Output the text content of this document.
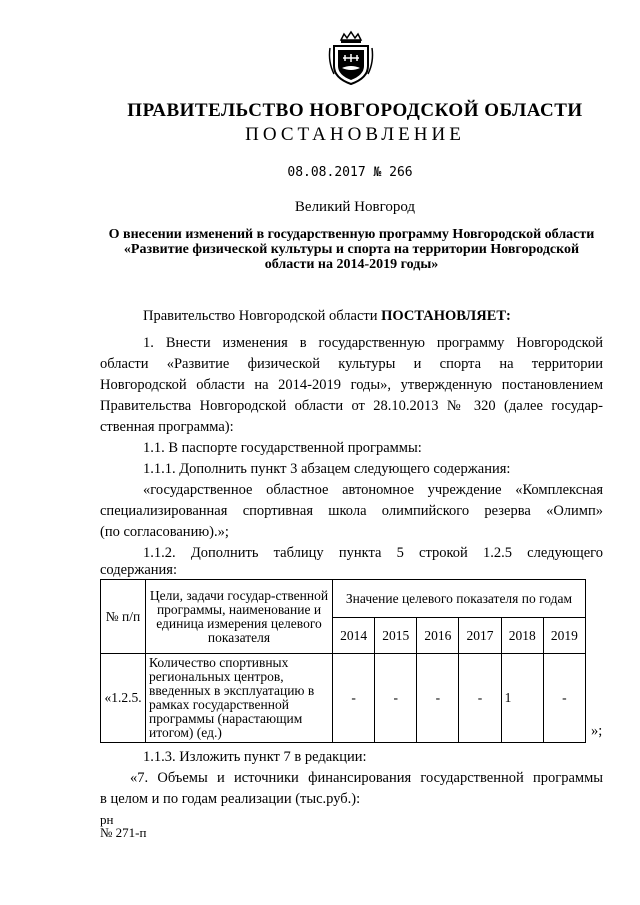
ПРАВИТЕЛЬСТВО НОВГОРОДСКОЙ ОБЛАСТИ
ПОСТАНОВЛЕНИЕ
08.08.2017 № 266
Великий Новгород
О внесении изменений в государственную программу Новгородской области «Развитие физической культуры и спорта на территории Новгородской области на 2014-2019 годы»
Правительство Новгородской области ПОСТАНОВЛЯЕТ:
1. Внести изменения в государственную программу Новгородской
области «Развитие физической культуры и спорта на территории
Новгородской области на 2014-2019 годы», утвержденную постановлением
Правительства Новгородской области от 28.10.2013 № 320 (далее государ-
ственная программа):
1.1. В паспорте государственной программы:
1.1.1. Дополнить пункт 3 абзацем следующего содержания:
«государственное областное автономное учреждение «Комплексная
специализированная спортивная школа олимпийского резерва «Олимп»
(по согласованию).»;
1.1.2. Дополнить таблицу пункта 5 строкой 1.2.5 следующего
содержания:
№ п/п	Цели, задачи государ-ственной программы, наименование и единица измерения целевого показателя	Значение целевого показателя по годам					
		2014	2015	2016	2017	2018	2019
«1.2.5.	Количество спортивных региональных центров, введенных в эксплуатацию в рамках государственной программы (нарастающим итогом) (ед.)	-	-	-	-	1	-
»;
1.1.3. Изложить пункт 7 в редакции:
«7. Объемы и источники финансирования государственной программы
в целом и по годам реализации (тыс.руб.):
рн
№ 271-п
